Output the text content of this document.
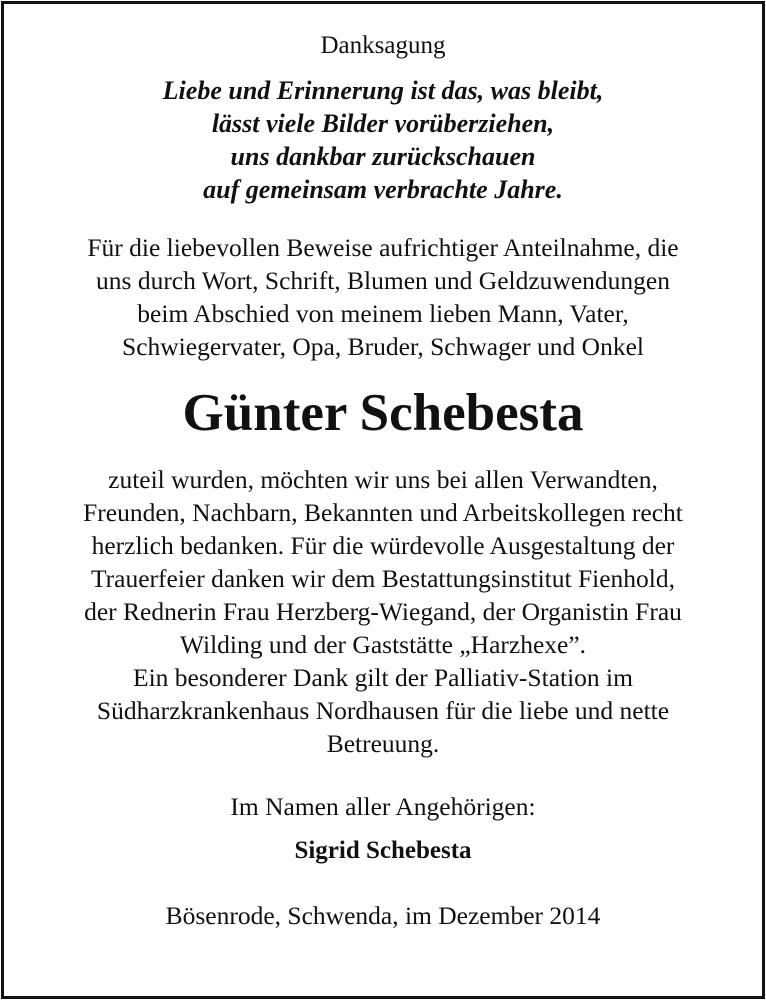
Danksagung
Liebe und Erinnerung ist das, was bleibt,
lässt viele Bilder vorüberziehen,
uns dankbar zurückschauen
auf gemeinsam verbrachte Jahre.
Für die liebevollen Beweise aufrichtiger Anteilnahme, die
uns durch Wort, Schrift, Blumen und Geldzuwendungen
beim Abschied von meinem lieben Mann, Vater,
Schwiegervater, Opa, Bruder, Schwager und Onkel
Günter Schebesta
zuteil wurden, möchten wir uns bei allen Verwandten,
Freunden, Nachbarn, Bekannten und Arbeitskollegen recht
herzlich bedanken. Für die würdevolle Ausgestaltung der
Trauerfeier danken wir dem Bestattungsinstitut Fienhold,
der Rednerin Frau Herzberg-Wiegand, der Organistin Frau
Wilding und der Gaststätte „Harzhexe”.
Ein besonderer Dank gilt der Palliativ-Station im
Südharzkrankenhaus Nordhausen für die liebe und nette
Betreuung.
Im Namen aller Angehörigen:
Sigrid Schebesta
Bösenrode, Schwenda, im Dezember 2014
